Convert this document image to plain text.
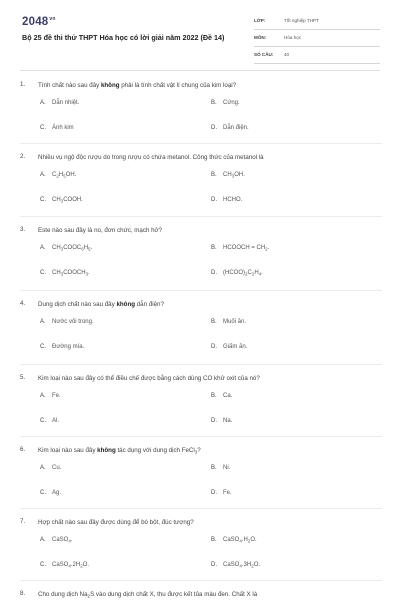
$2048^{vn}$
Bộ 25 đề thi thử THPT Hóa học có lời giải năm 2022 (Đề 14)
LỚP:	Tốt nghiệp THPT
MÔN:	Hóa học
SỐ CÂU: 40
1. Tính chất nào sau đây không phải là tính chất vật lí chung của kim loại?
A. Dẫn nhiệt.	B. Cứng.
C. Ánh kim	D. Dẫn điện.
2. Nhiều vụ ngộ độc rượu do trong rượu có chứa metanol. Công thức của metanol là
A. $C_2H_5OH$.	B. $CH_3OH$.
C. $CH_3COOH$.	D. HCHO.
3. Este nào sau đây là no, đơn chức, mạch hở?
A. $CH_3COOC_6H_5$.	B. HCOOCH = $CH_2$.
C. $CH_3COOCH_3$.	D. $(HCOO)_2C_2H_4$.
4. Dung dịch chất nào sau đây không dẫn điện?
A. Nước vôi trong.	B. Muối ăn.
C. Đường mía.	D. Giấm ăn.
5. Kim loại nào sau đây có thể điều chế được bằng cách dùng CO khử oxit của nó?
A. Fe.	B. Ca.
C. Al.	D. Na.
6. Kim loại nào sau đây không tác dụng với dung dịch FeCl$_3$?
A. Cu.	B. Ni.
C. Ag.	D. Fe.
7. Hợp chất nào sau đây được dùng để bó bột, đúc tượng?
A. CaSO$_4$.	B. $CaSO_4.H_2O$.
C. $CaSO_4.2H_2O$.	D. $CaSO_4.3H_2O$.
8. Cho dung dịch $Na_2S$ vào dung dịch chất X, thu được kết tủa màu đen. Chất X là
